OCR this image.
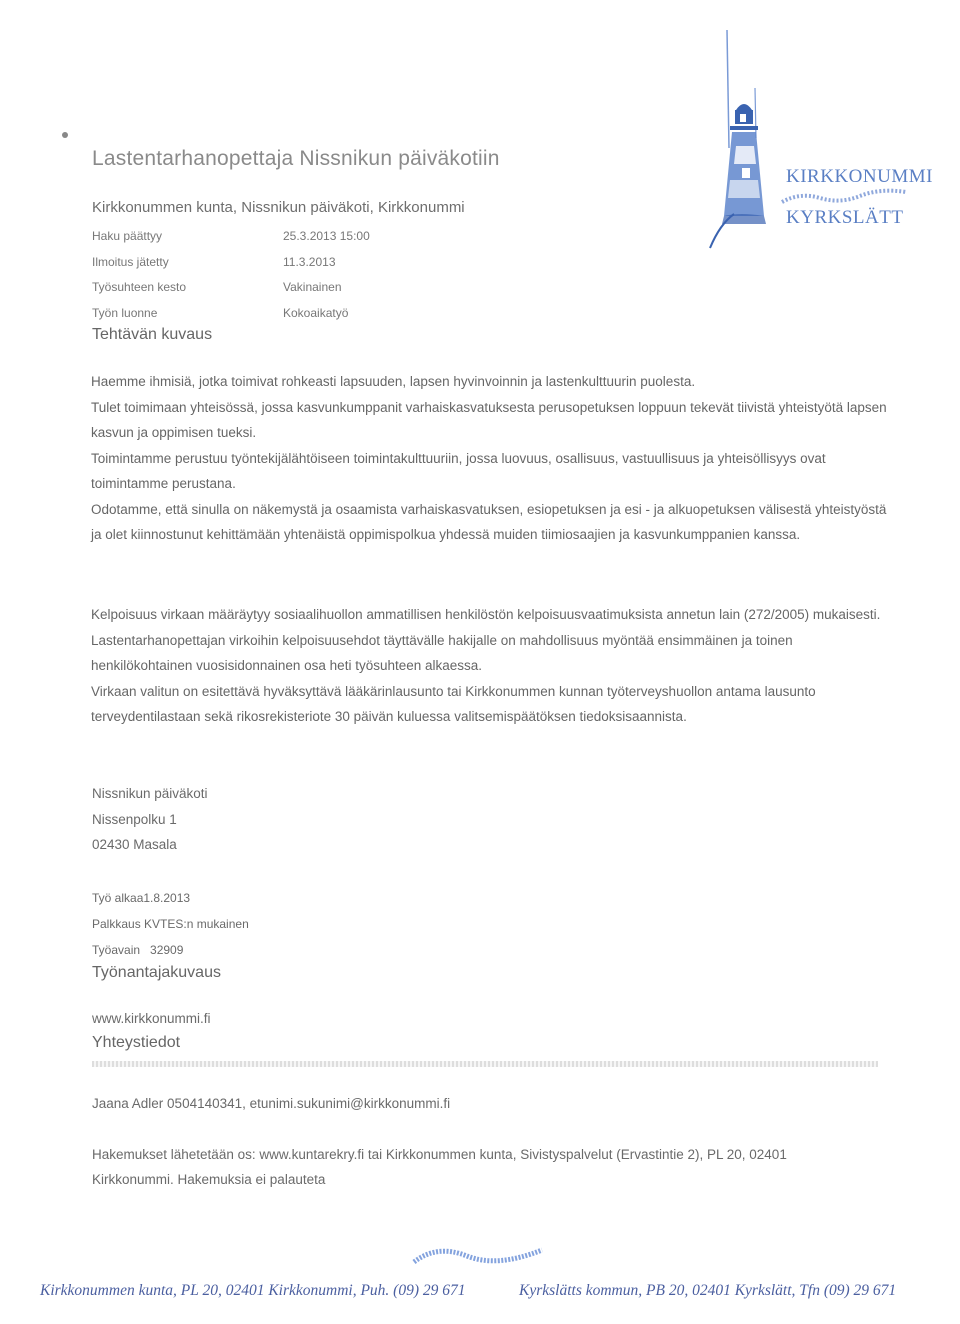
Lastentarhanopettaja Nissnikun päiväkotiin
Kirkkonummen kunta, Nissnikun päiväkoti, Kirkkonummi
Haku päättyy	25.3.2013 15:00
Ilmoitus jätetty	11.3.2013
Työsuhteen kesto	Vakinainen
Työn luonne	Kokoaikatyö
Tehtävän kuvaus

Haemme ihmisiä, jotka toimivat rohkeasti lapsuuden, lapsen hyvinvoinnin ja lastenkulttuurin puolesta.

Tulet toimimaan yhteisössä, jossa kasvunkumppanit varhaiskasvatuksesta perusopetuksen loppuun tekevät tiivistä yhteistyötä lapsen kasvun ja oppimisen tueksi.

Toimintamme perustuu työntekijälähtöiseen toimintakulttuuriin, jossa luovuus, osallisuus, vastuullisuus ja yhteisöllisyys ovat toimintamme perustana.

Odotamme, että sinulla on näkemystä ja osaamista varhaiskasvatuksen, esiopetuksen ja esi - ja alkuopetuksen välisestä yhteistyöstä ja olet kiinnostunut kehittämään yhtenäistä oppimispolkua yhdessä muiden tiimiosaajien ja kasvunkumppanien kanssa.

Kelpoisuus virkaan määräytyy sosiaalihuollon ammatillisen henkilöstön kelpoisuusvaatimuksista annetun lain (272/2005) mukaisesti.

Lastentarhanopettajan virkoihin kelpoisuusehdot täyttävälle hakijalle on mahdollisuus myöntää ensimmäinen ja toinen henkilökohtainen vuosisidonnainen osa heti työsuhteen alkaessa.

Virkaan valitun on esitettävä hyväksyttävä lääkärinlausunto tai Kirkkonummen kunnan työterveyshuollon antama lausunto terveydentilastaan sekä rikosrekisteriote 30 päivän kuluessa valitsemispäätöksen tiedoksisaannista.

Nissnikun päiväkoti
Nissenpolku 1
02430 Masala
Työ alkaa1.8.2013
Palkkaus KVTES:n mukainen
Työavain   32909
Työnantajakuvaus
www.kirkkonummi.fi
Yhteystiedot
Jaana Adler 0504140341, etunimi.sukunimi@kirkkonummi.fi
Hakemukset lähetetään os: www.kuntarekry.fi tai Kirkkonummen kunta, Sivistyspalvelut (Ervastintie 2), PL 20, 02401
Kirkkonummi. Hakemuksia ei palauteta
KIRKKONUMMI
KYRKSLÄTT
Kirkkonummen kunta, PL 20, 02401 Kirkkonummi, Puh. (09) 29 671	Kyrkslätts kommun, PB 20, 02401 Kyrkslätt, Tfn (09) 29 671
